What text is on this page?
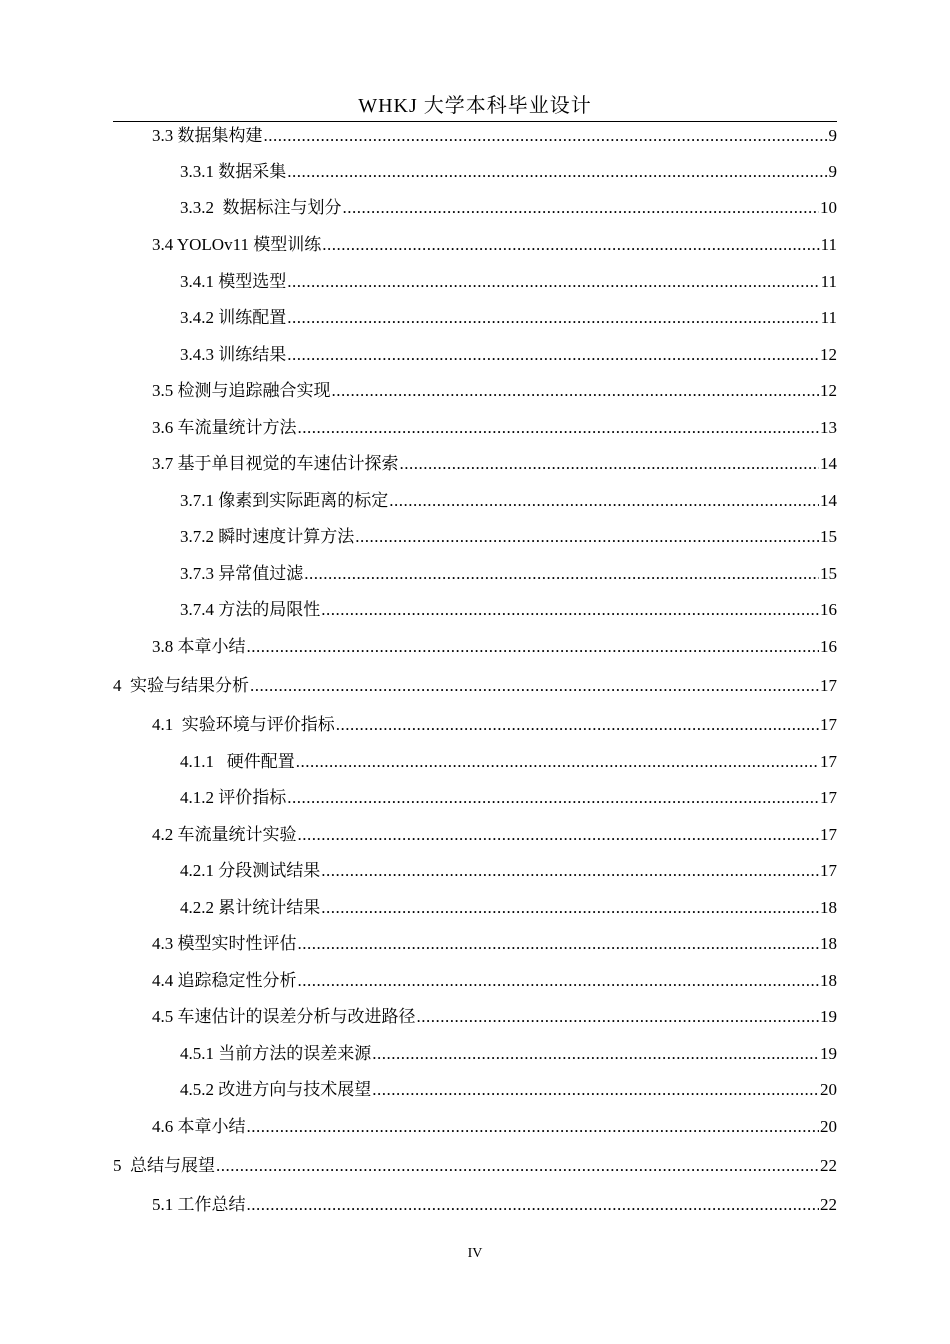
WHKJ 大学本科毕业设计
3.3 数据集构建 .....	9
3.3.1 数据采集 .....	9
3.3.2  数据标注与划分 .....	10
3.4 YOLOv11 模型训练 .....	11
3.4.1 模型选型 .....	11
3.4.2 训练配置 .....	11
3.4.3 训练结果 .....	12
3.5 检测与追踪融合实现 .....	12
3.6 车流量统计方法 .....	13
3.7 基于单目视觉的车速估计探索 .....	14
3.7.1 像素到实际距离的标定 .....	14
3.7.2 瞬时速度计算方法 .....	15
3.7.3 异常值过滤 .....	15
3.7.4 方法的局限性 .....	16
3.8 本章小结 .....	16
4  实验与结果分析 .....	17
4.1  实验环境与评价指标 .....	17
4.1.1   硬件配置 .....	17
4.1.2 评价指标 .....	17
4.2 车流量统计实验 .....	17
4.2.1 分段测试结果 .....	17
4.2.2 累计统计结果 .....	18
4.3 模型实时性评估 .....	18
4.4 追踪稳定性分析 .....	18
4.5 车速估计的误差分析与改进路径 .....	19
4.5.1 当前方法的误差来源 .....	19
4.5.2 改进方向与技术展望 .....	20
4.6 本章小结 .....	20
5  总结与展望 .....	22
5.1 工作总结 .....	22
IV
